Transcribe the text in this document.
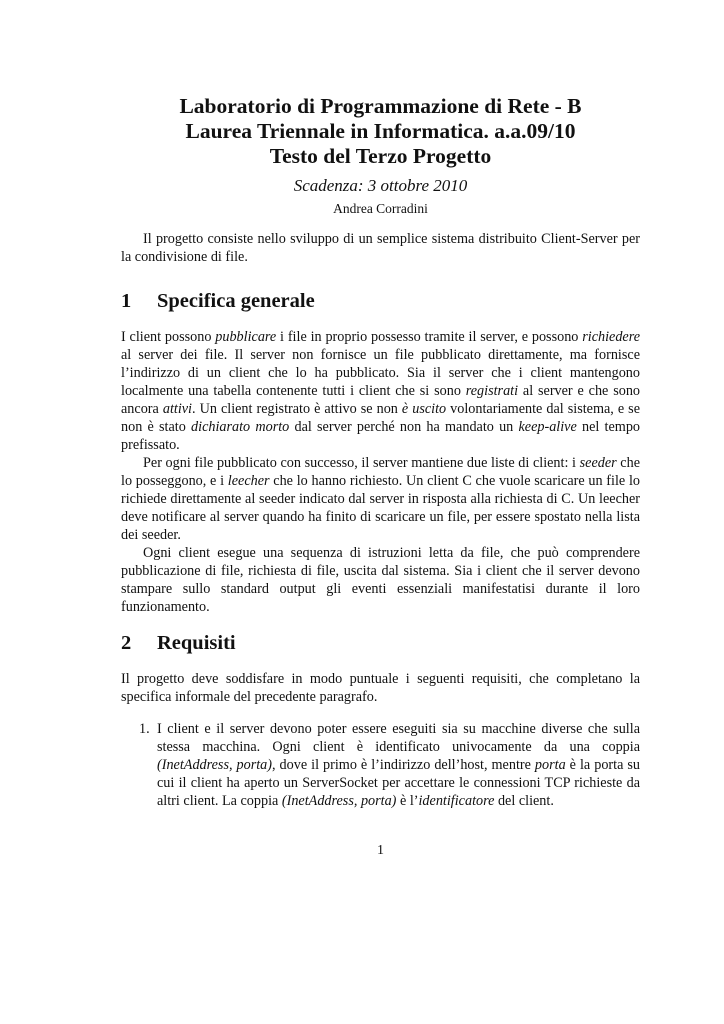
Laboratorio di Programmazione di Rete - B
Laurea Triennale in Informatica. a.a.09/10
Testo del Terzo Progetto
Scadenza: 3 ottobre 2010
Andrea Corradini

Il progetto consiste nello sviluppo di un semplice sistema distribuito Client-Server per la condivisione di file.

1 Specifica generale

I client possono pubblicare i file in proprio possesso tramite il server, e possono richiedere al server dei file. Il server non fornisce un file pubblicato direttamente, ma fornisce l’indirizzo di un client che lo ha pubblicato. Sia il server che i client mantengono localmente una tabella contenente tutti i client che si sono registrati al server e che sono ancora attivi. Un client registrato è attivo se non è uscito volontariamente dal sistema, e se non è stato dichiarato morto dal server perché non ha mandato un keep-alive nel tempo prefissato.

Per ogni file pubblicato con successo, il server mantiene due liste di client: i seeder che lo posseggono, e i leecher che lo hanno richiesto. Un client C che vuole scaricare un file lo richiede direttamente al seeder indicato dal server in risposta alla richiesta di C. Un leecher deve notificare al server quando ha finito di scaricare un file, per essere spostato nella lista dei seeder.

Ogni client esegue una sequenza di istruzioni letta da file, che può comprendere pubblicazione di file, richiesta di file, uscita dal sistema. Sia i client che il server devono stampare sullo standard output gli eventi essenziali manifestatisi durante il loro funzionamento.

2 Requisiti

Il progetto deve soddisfare in modo puntuale i seguenti requisiti, che completano la specifica informale del precedente paragrafo.

1. I client e il server devono poter essere eseguiti sia su macchine diverse che sulla stessa macchina. Ogni client è identificato univocamente da una coppia (InetAddress, porta), dove il primo è l’indirizzo dell’host, mentre porta è la porta su cui il client ha aperto un ServerSocket per accettare le connessioni TCP richieste da altri client. La coppia (InetAddress, porta) è l’identificatore del client.
1
